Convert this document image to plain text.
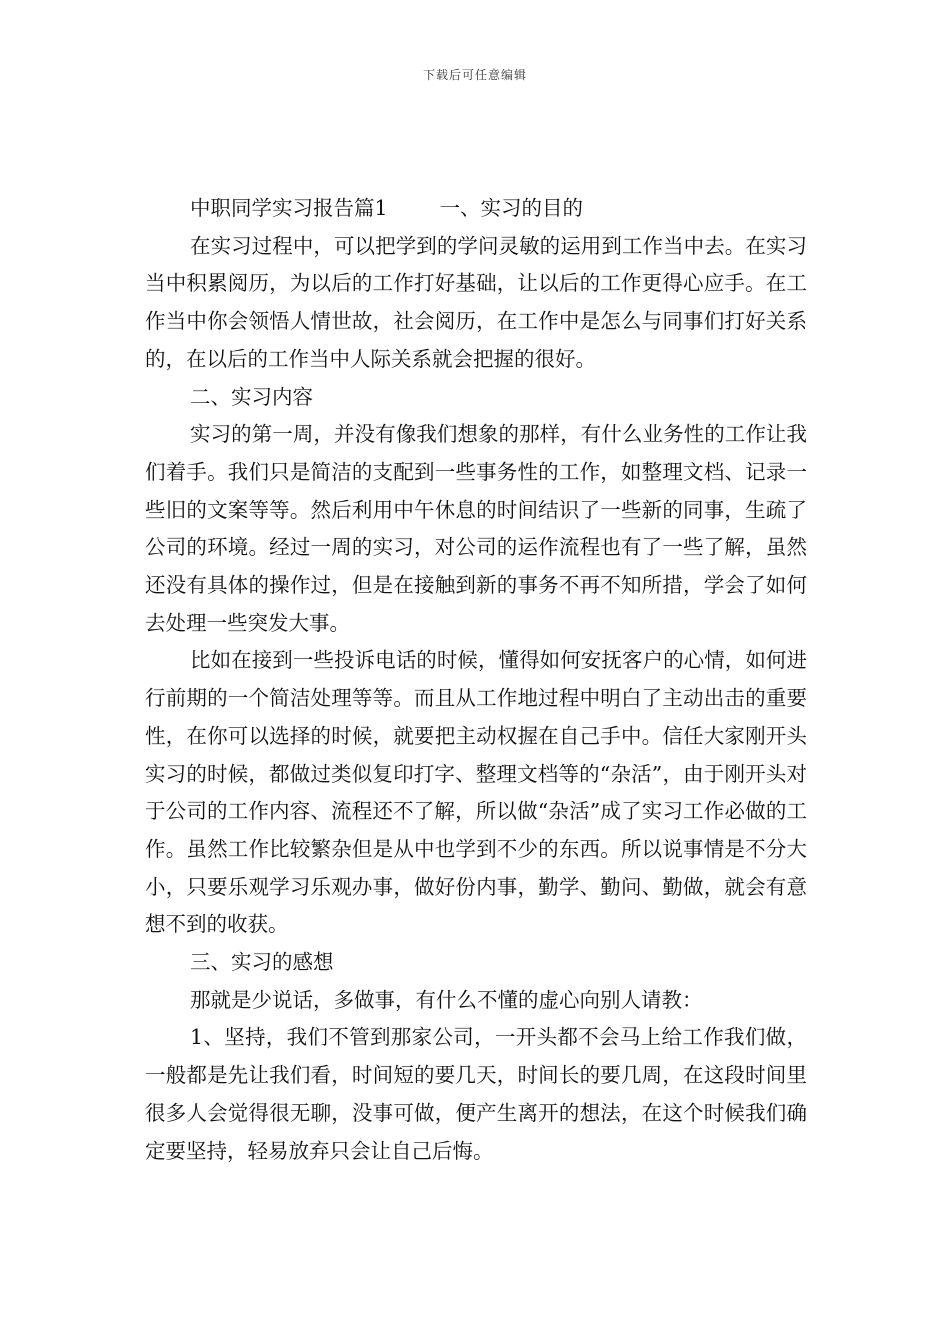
下载后可任意编辑
中职同学实习报告篇1	一、实习的目的

在实习过程中，可以把学到的学问灵敏的运用到工作当中去。在实习当中积累阅历，为以后的工作打好基础，让以后的工作更得心应手。在工作当中你会领悟人情世故，社会阅历，在工作中是怎么与同事们打好关系的，在以后的工作当中人际关系就会把握的很好。

二、实习内容

实习的第一周，并没有像我们想象的那样，有什么业务性的工作让我们着手。我们只是简洁的支配到一些事务性的工作，如整理文档、记录一些旧的文案等等。然后利用中午休息的时间结识了一些新的同事，生疏了公司的环境。经过一周的实习，对公司的运作流程也有了一些了解，虽然还没有具体的操作过，但是在接触到新的事务不再不知所措，学会了如何去处理一些突发大事。

比如在接到一些投诉电话的时候，懂得如何安抚客户的心情，如何进行前期的一个简洁处理等等。而且从工作地过程中明白了主动出击的重要性，在你可以选择的时候，就要把主动权握在自己手中。信任大家刚开头实习的时候，都做过类似复印打字、整理文档等的“杂活”，由于刚开头对于公司的工作内容、流程还不了解，所以做“杂活”成了实习工作必做的工作。虽然工作比较繁杂但是从中也学到不少的东西。所以说事情是不分大小，只要乐观学习乐观办事，做好份内事，勤学、勤问、勤做，就会有意想不到的收获。

三、实习的感想

那就是少说话，多做事，有什么不懂的虚心向别人请教：

1、坚持，我们不管到那家公司，一开头都不会马上给工作我们做，一般都是先让我们看，时间短的要几天，时间长的要几周，在这段时间里很多人会觉得很无聊，没事可做，便产生离开的想法，在这个时候我们确定要坚持，轻易放弃只会让自己后悔。
